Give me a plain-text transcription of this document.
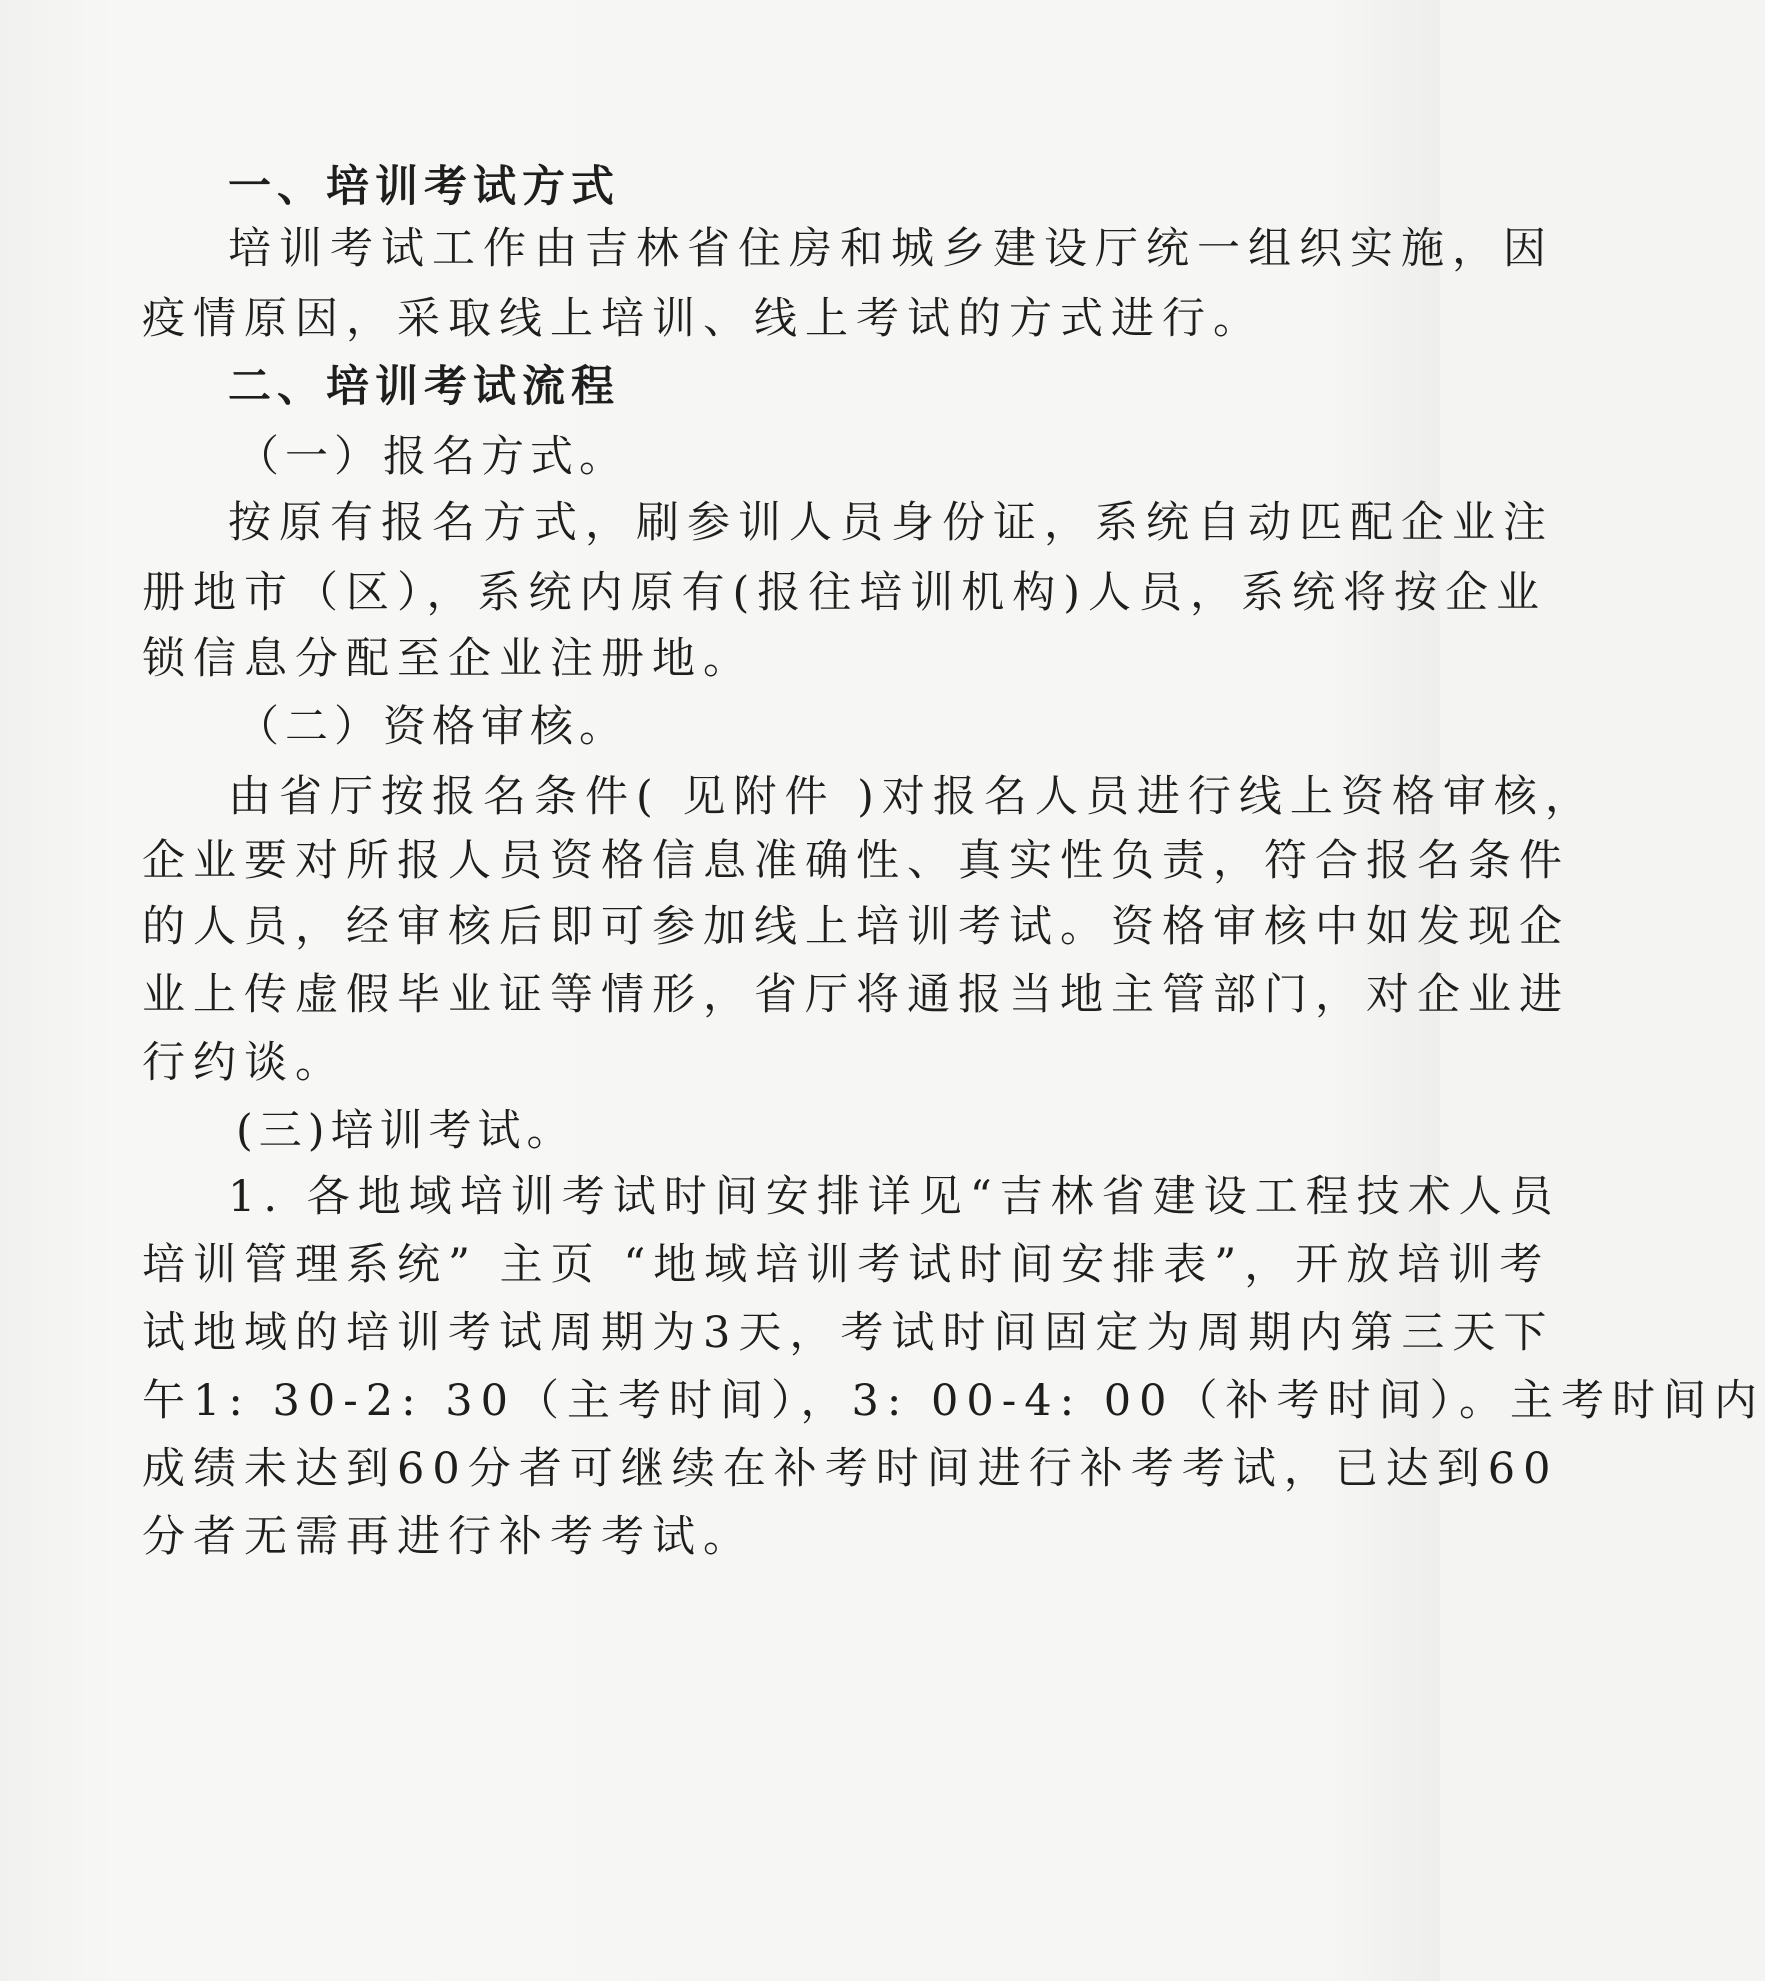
一、培训考试方式
培训考试工作由吉林省住房和城乡建设厅统一组织实施，因
疫情原因，采取线上培训、线上考试的方式进行。
二、培训考试流程
（一）报名方式。
按原有报名方式，刷参训人员身份证，系统自动匹配企业注
册地市（区），系统内原有(报往培训机构)人员，系统将按企业
锁信息分配至企业注册地。
（二）资格审核。
由省厅按报名条件( 见附件 )对报名人员进行线上资格审核，
企业要对所报人员资格信息准确性、真实性负责，符合报名条件
的人员，经审核后即可参加线上培训考试。资格审核中如发现企
业上传虚假毕业证等情形，省厅将通报当地主管部门，对企业进
行约谈。
(三)培训考试。
1. 各地域培训考试时间安排详见“吉林省建设工程技术人员
培训管理系统” 主页 “地域培训考试时间安排表”，开放培训考
试地域的培训考试周期为3天，考试时间固定为周期内第三天下
午1: 30-2: 30（主考时间），3: 00-4: 00（补考时间）。主考时间内
成绩未达到60分者可继续在补考时间进行补考考试，已达到60
分者无需再进行补考考试。
